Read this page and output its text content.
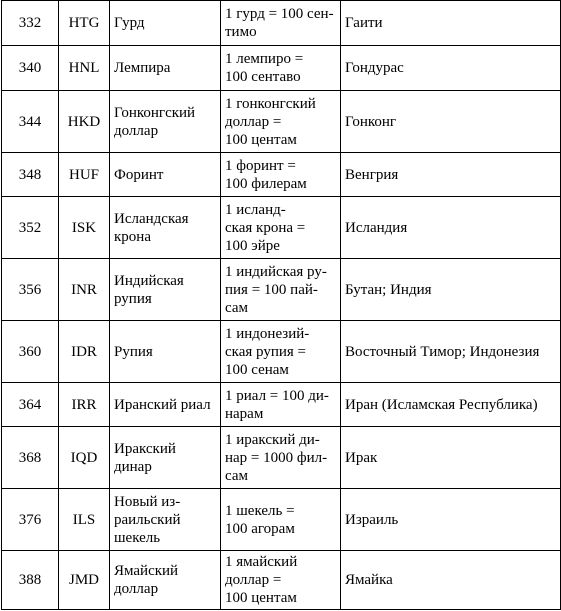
332	HTG	Гурд	1 гурд = 100 сен-
тимо	Гаити
340	HNL	Лемпира	1 лемпиро =
100 сентаво	Гондурас
344	HKD	Гонконгский
доллар	1 гонконгский
доллар =
100 центам	Гонконг
348	HUF	Форинт	1 форинт =
100 филерам	Венгрия
352	ISK	Исландская
крона	1 исланд-
ская крона =
100 эйре	Исландия
356	INR	Индийская
рупия	1 индийская ру-
пия = 100 пай-
сам	Бутан; Индия
360	IDR	Рупия	1 индонезий-
ская рупия =
100 сенам	Восточный Тимор; Индонезия
364	IRR	Иранский риал	1 риал = 100 ди-
нарам	Иран (Исламская Республика)
368	IQD	Иракский
динар	1 иракский ди-
нар = 1000 фил-
сам	Ирак
376	ILS	Новый из-
раильский
шекель	1 шекель =
100 агорам	Израиль
388	JMD	Ямайский
доллар	1 ямайский
доллар =
100 центам	Ямайка
